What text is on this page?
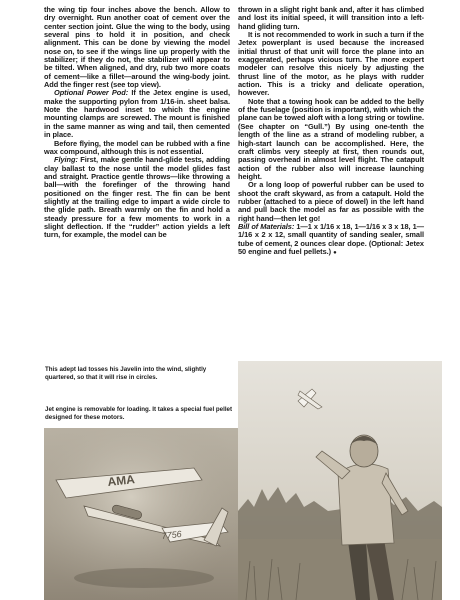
the wing tip four inches above the bench. Allow to dry overnight. Run another coat of cement over the center section joint. Glue the wing to the body, using several pins to hold it in position, and check alignment. This can be done by viewing the model nose on, to see if the wings line up properly with the stabilizer; if they do not, the stabilizer will appear to be tilted. When aligned, and dry, rub two more coats of cement—like a fillet—around the wing-body joint. Add the finger rest (see top view).

Optional Power Pod: If the Jetex engine is used, make the supporting pylon from 1/16-in. sheet balsa. Note the hardwood inset to which the engine mounting clamps are screwed. The mount is finished in the same manner as wing and tail, then cemented in place.

Before flying, the model can be rubbed with a fine wax compound, although this is not essential.

Flying: First, make gentle hand-glide tests, adding clay ballast to the nose until the model glides fast and straight. Practice gentle throws—like throwing a ball—with the forefinger of the throwing hand positioned on the finger rest. The fin can be bent slightly at the trailing edge to impart a wide circle to the glide path. Breath warmly on the fin and hold a steady pressure for a few moments to work in a slight deflection. If the “rudder” action yields a left turn, for example, the model can be

thrown in a slight right bank and, after it has climbed and lost its initial speed, it will transition into a left-hand gliding turn.

It is not recommended to work in such a turn if the Jetex powerplant is used because the increased initial thrust of that unit will force the plane into an exaggerated, perhaps vicious turn. The more expert modeler can resolve this nicely by adjusting the thrust line of the motor, as he plays with rudder action. This is a tricky and delicate operation, however.

Note that a towing hook can be added to the belly of the fuselage (position is important), with which the plane can be towed aloft with a long string or towline. (See chapter on “Gull.”) By using one-tenth the length of the line as a strand of modeling rubber, a high-start launch can be accomplished. Here, the craft climbs very steeply at first, then rounds out, passing overhead in almost level flight. The catapult action of the rubber also will increase launching height.

Or a long loop of powerful rubber can be used to shoot the craft skyward, as from a catapult. Hold the rubber (attached to a piece of dowel) in the left hand and pull back the model as far as possible with the right hand—then let go!

Bill of Materials: 1—1 x 1/16 x 18, 1—1/16 x 3 x 18, 1—1/16 x 2 x 12, small quantity of sanding sealer, small tube of cement, 2 ounces clear dope. (Optional: Jetex 50 engine and fuel pellets.) ●

This adept lad tosses his Javelin into the wind, slightly quartered, so that it will rise in circles.
Jet engine is removable for loading. It takes a special fuel pellet designed for these motors.
AMA
7756
